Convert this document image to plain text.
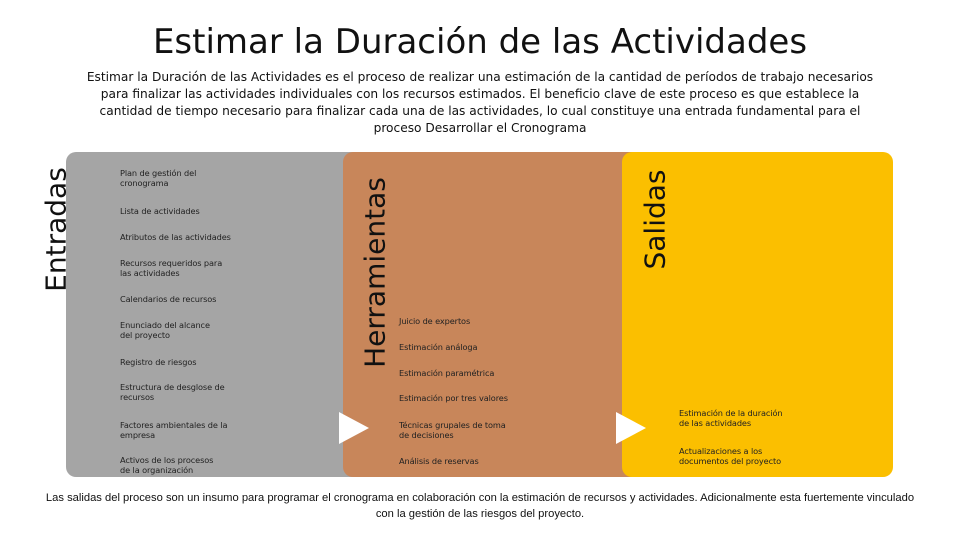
Estimar la Duración de las Actividades
Estimar la Duración de las Actividades es el proceso de realizar una estimación de la cantidad de períodos de trabajo necesarios para finalizar las actividades individuales con los recursos estimados. El beneficio clave de este proceso es que establece la cantidad de tiempo necesario para finalizar cada una de las actividades, lo cual constituye una entrada fundamental para el proceso Desarrollar el Cronograma
Entradas	Herramientas	Salidas
Plan de gestión del cronograma
Lista de actividades
Atributos de las actividades
Recursos requeridos para las actividades
Calendarios de recursos
Enunciado del alcance del proyecto
Registro de riesgos
Estructura de desglose de recursos
Factores ambientales de la empresa
Activos de los procesos de la organización
Juicio de expertos
Estimación análoga
Estimación paramétrica
Estimación por tres valores
Técnicas grupales de toma de decisiones
Análisis de reservas
Estimación de la duración de las actividades
Actualizaciones a los documentos del proyecto
Las salidas del proceso son un insumo para programar el cronograma en colaboración con la estimación de recursos y actividades. Adicionalmente esta fuertemente vinculado con la gestión de las riesgos del proyecto.
